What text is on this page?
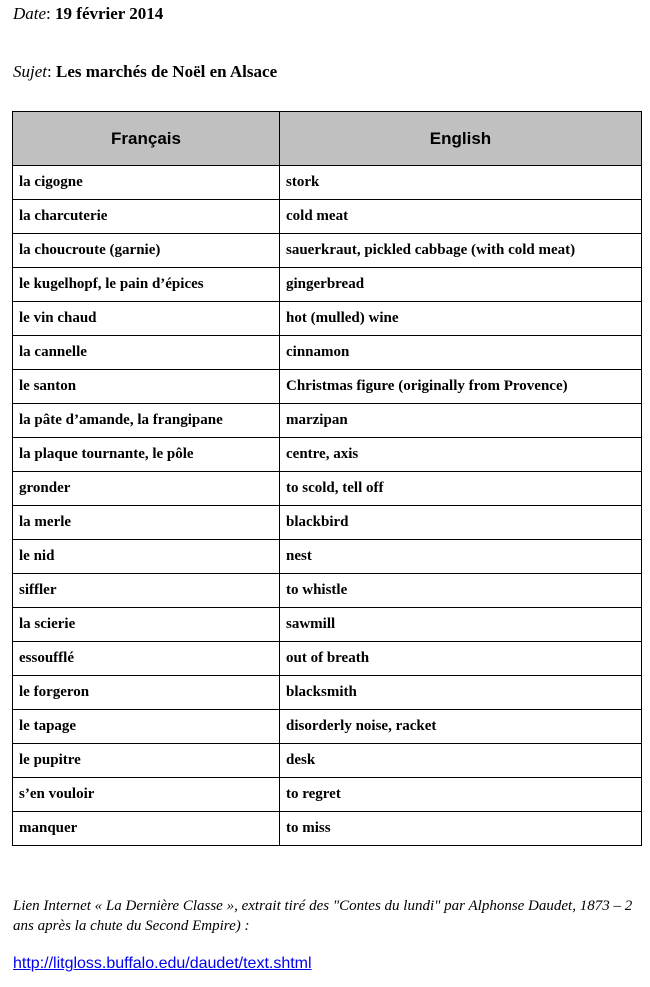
Date: 19 février 2014
Sujet: Les marchés de Noël en Alsace
Français	English
la cigogne	stork
la charcuterie	cold meat
la choucroute (garnie)	sauerkraut, pickled cabbage (with cold meat)
le kugelhopf, le pain d’épices	gingerbread
le vin chaud	hot (mulled) wine
la cannelle	cinnamon
le santon	Christmas figure (originally from Provence)
la pâte d’amande, la frangipane	marzipan
la plaque tournante, le pôle	centre, axis
gronder	to scold, tell off
la merle	blackbird
le nid	nest
siffler	to whistle
la scierie	sawmill
essoufflé	out of breath
le forgeron	blacksmith
le tapage	disorderly noise, racket
le pupitre	desk
s’en vouloir	to regret
manquer	to miss
Lien Internet « La Dernière Classe », extrait tiré des "Contes du lundi" par Alphonse Daudet, 1873 – 2 ans après la chute du Second Empire) :
http://litgloss.buffalo.edu/daudet/text.shtml
